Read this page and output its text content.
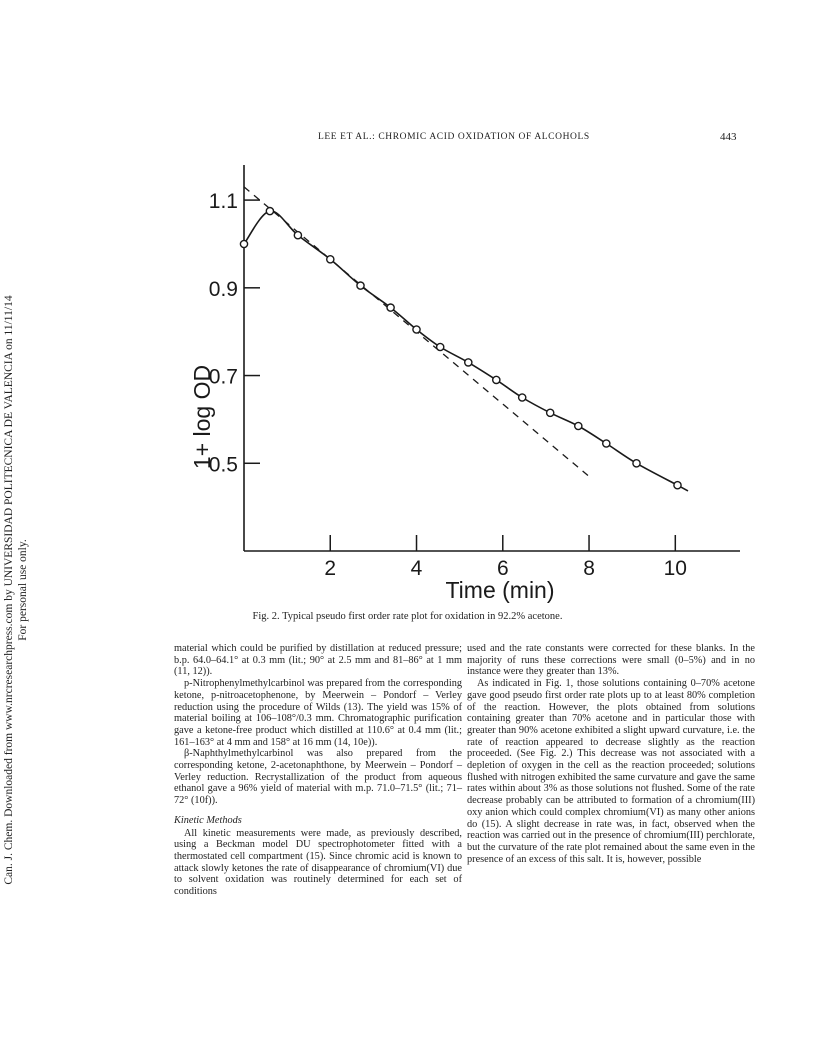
Can. J. Chem. Downloaded from www.nrcresearchpress.com by UNIVERSIDAD POLITECNICA DE VALENCIA on 11/11/14 For personal use only.
LEE ET AL.: CHROMIC ACID OXIDATION OF ALCOHOLS	443
0.5
0.7
0.9
1.1
2	4	6	8	10
Time (min)
1+ log OD
Fig. 2. Typical pseudo first order rate plot for oxidation in 92.2% acetone.

material which could be purified by distillation at reduced pressure; b.p. 64.0–64.1° at 0.3 mm (lit.; 90° at 2.5 mm and 81–86° at 1 mm (11, 12)).

p-Nitrophenylmethylcarbinol was prepared from the corresponding ketone, p-nitroacetophenone, by Meerwein – Pondorf – Verley reduction using the procedure of Wilds (13). The yield was 15% of material boiling at 106–108°/0.3 mm. Chromatographic purification gave a ketone-free product which distilled at 110.6° at 0.4 mm (lit.; 161–163° at 4 mm and 158° at 16 mm (14, 10e)).

β-Naphthylmethylcarbinol was also prepared from the corresponding ketone, 2-acetonaphthone, by Meerwein – Pondorf – Verley reduction. Recrystallization of the product from aqueous ethanol gave a 96% yield of material with m.p. 71.0–71.5° (lit.; 71–72° (10f)).

Kinetic Methods

All kinetic measurements were made, as previously described, using a Beckman model DU spectrophotometer fitted with a thermostated cell compartment (15). Since chromic acid is known to attack slowly ketones the rate of disappearance of chromium(VI) due to solvent oxidation was routinely determined for each set of conditions

used and the rate constants were corrected for these blanks. In the majority of runs these corrections were small (0–5%) and in no instance were they greater than 13%.

As indicated in Fig. 1, those solutions containing 0–70% acetone gave good pseudo first order rate plots up to at least 80% completion of the reaction. However, the plots obtained from solutions containing greater than 70% acetone and in particular those with greater than 90% acetone exhibited a slight upward curvature, i.e. the rate of reaction appeared to decrease slightly as the reaction proceeded. (See Fig. 2.) This decrease was not associated with a depletion of oxygen in the cell as the reaction proceeded; solutions flushed with nitrogen exhibited the same curvature and gave the same rates within about 3% as those solutions not flushed. Some of the rate decrease probably can be attributed to formation of a chromium(III) oxy anion which could complex chromium(VI) as many other anions do (15). A slight decrease in rate was, in fact, observed when the reaction was carried out in the presence of chromium(III) perchlorate, but the curvature of the rate plot remained about the same even in the presence of an excess of this salt. It is, however, possible
